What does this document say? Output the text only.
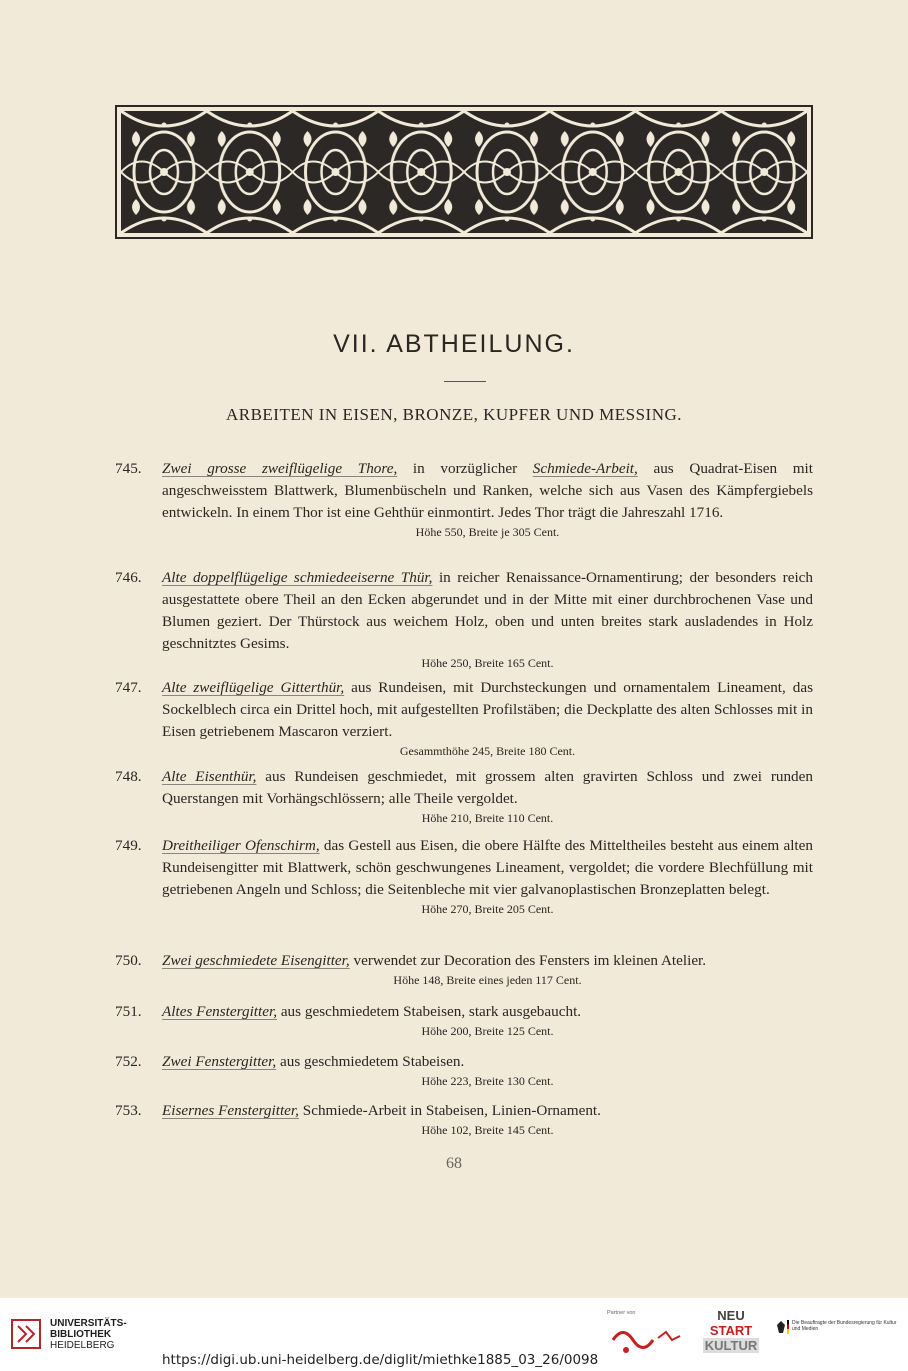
VII. ABTHEILUNG.
ARBEITEN IN EISEN, BRONZE, KUPFER UND MESSING.
745.	Zwei grosse zweiflügelige Thore, in vorzüglicher Schmiede-Arbeit, aus Quadrat-Eisen mit angeschweisstem Blattwerk, Blumenbüscheln und Ranken, welche sich aus Vasen des Kämpfergiebels entwickeln. In einem Thor ist eine Gehthür einmontirt. Jedes Thor trägt die Jahreszahl 1716.
Höhe 550, Breite je 305 Cent.
746.	Alte doppelflügelige schmiedeeiserne Thür, in reicher Renaissance-Ornamentirung; der besonders reich ausgestattete obere Theil an den Ecken abgerundet und in der Mitte mit einer durchbrochenen Vase und Blumen geziert. Der Thürstock aus weichem Holz, oben und unten breites stark ausladendes in Holz geschnitztes Gesims.
Höhe 250, Breite 165 Cent.
747.	Alte zweiflügelige Gitterthür, aus Rundeisen, mit Durchsteckungen und ornamentalem Lineament, das Sockelblech circa ein Drittel hoch, mit aufgestellten Profilstäben; die Deckplatte des alten Schlosses mit in Eisen getriebenem Mascaron verziert.
Gesammthöhe 245, Breite 180 Cent.
748.	Alte Eisenthür, aus Rundeisen geschmiedet, mit grossem alten gravirten Schloss und zwei runden Querstangen mit Vorhängschlössern; alle Theile vergoldet.
Höhe 210, Breite 110 Cent.
749.	Dreitheiliger Ofenschirm, das Gestell aus Eisen, die obere Hälfte des Mitteltheiles besteht aus einem alten Rundeisengitter mit Blattwerk, schön geschwungenes Lineament, vergoldet; die vordere Blechfüllung mit getriebenen Angeln und Schloss; die Seitenbleche mit vier galvanoplastischen Bronzeplatten belegt.
Höhe 270, Breite 205 Cent.
750.	Zwei geschmiedete Eisengitter, verwendet zur Decoration des Fensters im kleinen Atelier.
Höhe 148, Breite eines jeden 117 Cent.
751.	Altes Fenstergitter, aus geschmiedetem Stabeisen, stark ausgebaucht.
Höhe 200, Breite 125 Cent.
752.	Zwei Fenstergitter, aus geschmiedetem Stabeisen.
Höhe 223, Breite 130 Cent.
753.	Eisernes Fenstergitter, Schmiede-Arbeit in Stabeisen, Linien-Ornament.
Höhe 102, Breite 145 Cent.
68
UNIVERSITÄTS-
BIBLIOTHEK
HEIDELBERG
https://digi.ub.uni-heidelberg.de/diglit/miethke1885_03_26/0098
Partner von	NEU
START
KULTUR
Die Beauftragte der Bundesregierung für Kultur und Medien
